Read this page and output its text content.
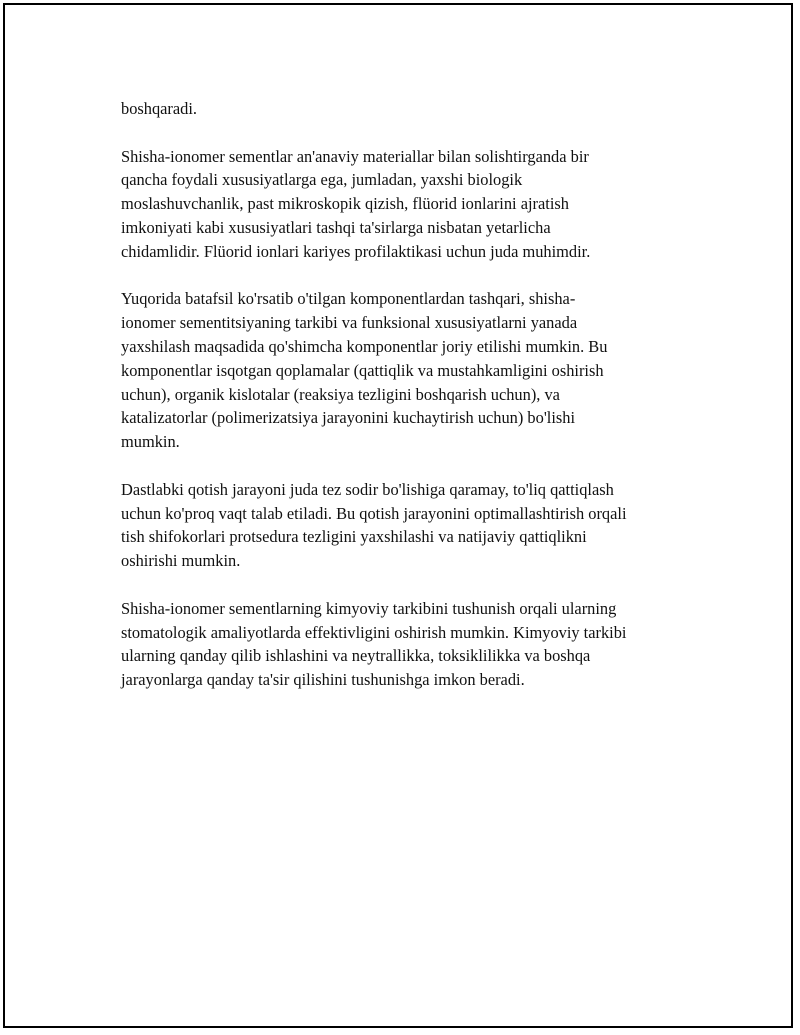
boshqaradi.

Shisha-ionomer sementlar an'anaviy materiallar bilan solishtirganda bir
qancha foydali xususiyatlarga ega, jumladan, yaxshi biologik
moslashuvchanlik, past mikroskopik qizish, flüorid ionlarini ajratish
imkoniyati kabi xususiyatlari tashqi ta'sirlarga nisbatan yetarlicha
chidamlidir. Flüorid ionlari kariyes profilaktikasi uchun juda muhimdir.

Yuqorida batafsil ko'rsatib o'tilgan komponentlardan tashqari, shisha-
ionomer sementitsiyaning tarkibi va funksional xususiyatlarni yanada
yaxshilash maqsadida qo'shimcha komponentlar joriy etilishi mumkin. Bu
komponentlar isqotgan qoplamalar (qattiqlik va mustahkamligini oshirish
uchun), organik kislotalar (reaksiya tezligini boshqarish uchun), va
katalizatorlar (polimerizatsiya jarayonini kuchaytirish uchun) bo'lishi
mumkin.

Dastlabki qotish jarayoni juda tez sodir bo'lishiga qaramay, to'liq qattiqlash
uchun ko'proq vaqt talab etiladi. Bu qotish jarayonini optimallashtirish orqali
tish shifokorlari protsedura tezligini yaxshilashi va natijaviy qattiqlikni
oshirishi mumkin.

Shisha-ionomer sementlarning kimyoviy tarkibini tushunish orqali ularning
stomatologik amaliyotlarda effektivligini oshirish mumkin. Kimyoviy tarkibi
ularning qanday qilib ishlashini va neytrallikka, toksiklilikka va boshqa
jarayonlarga qanday ta'sir qilishini tushunishga imkon beradi.
